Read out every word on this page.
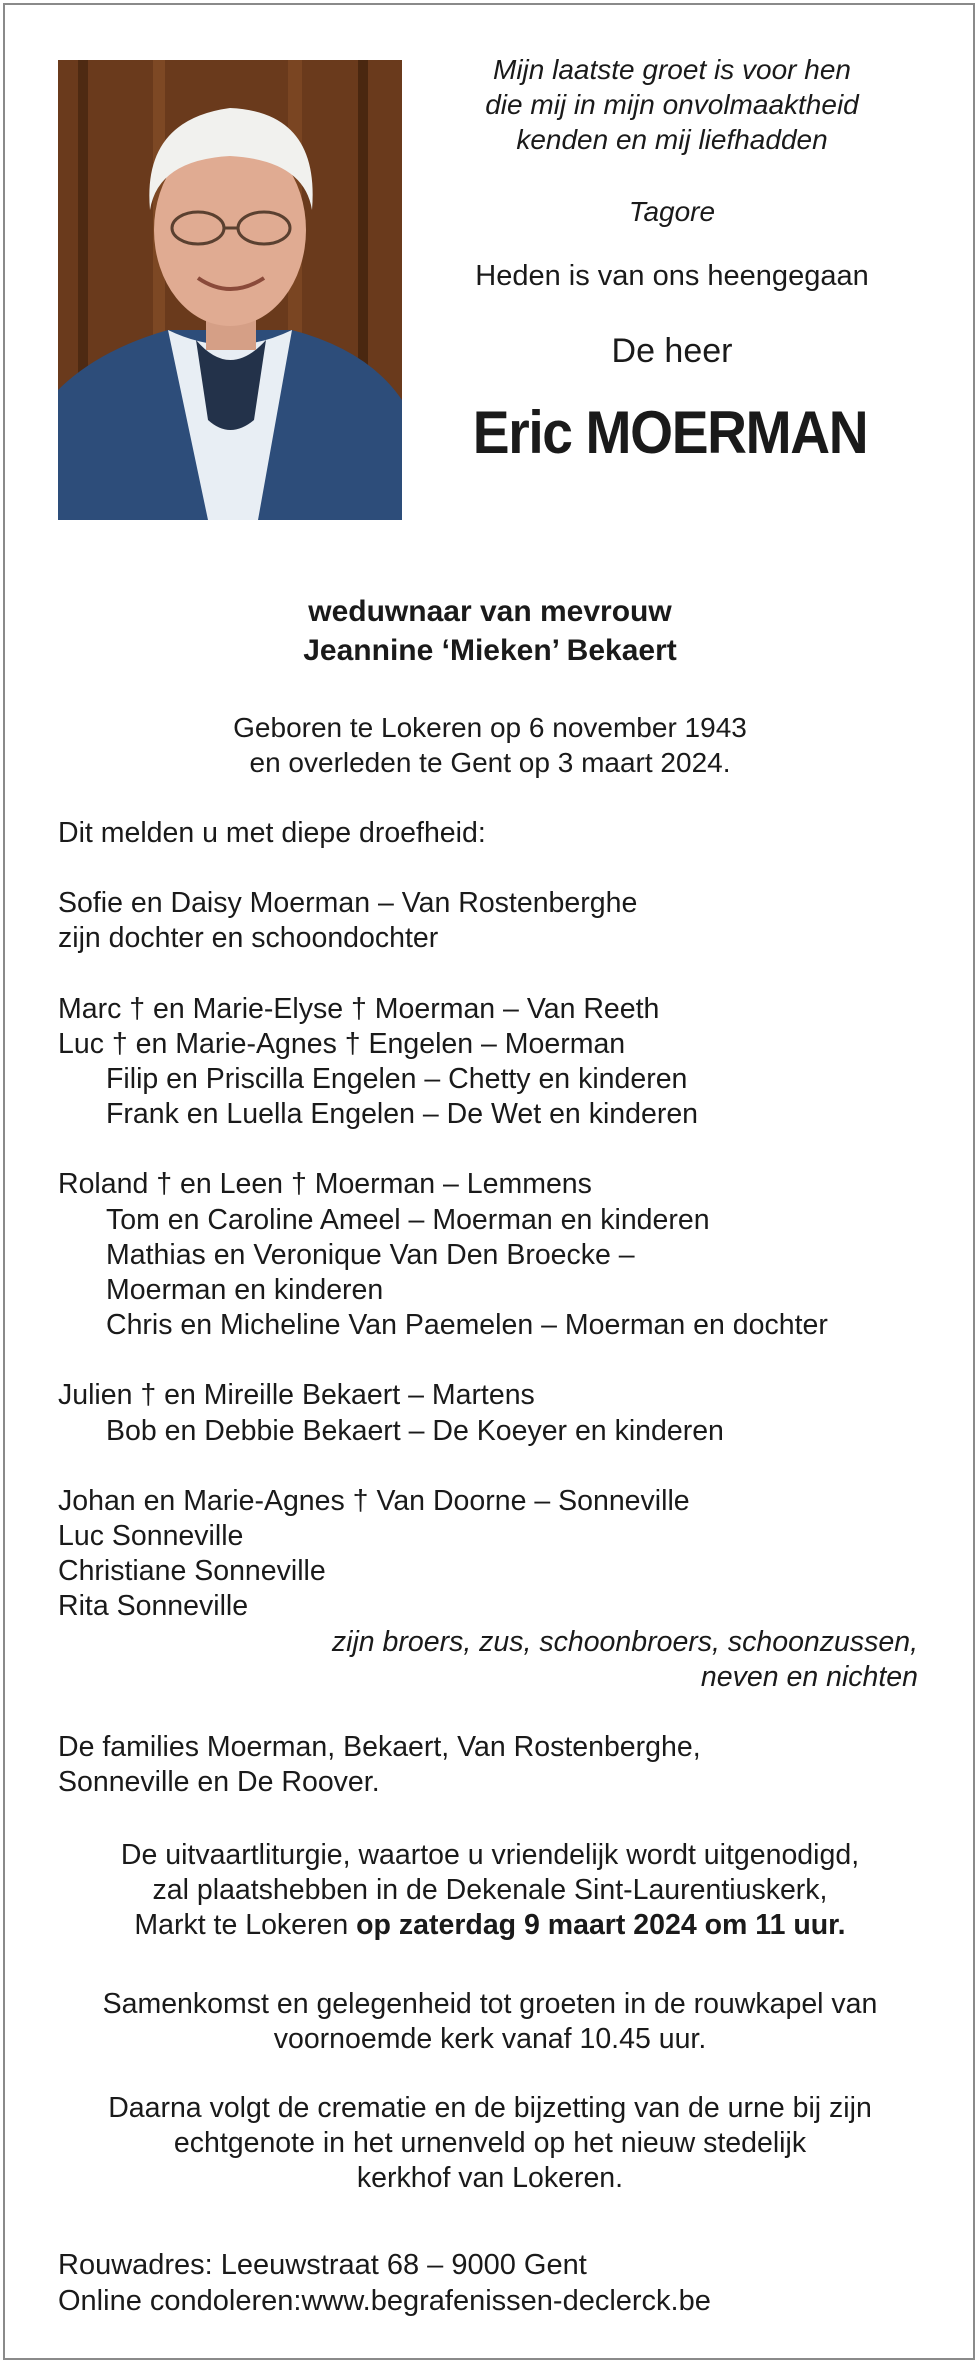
Mijn laatste groet is voor hen
die mij in mijn onvolmaaktheid
kenden en mij liefhadden
Tagore
Heden is van ons heengegaan
De heer
Eric MOERMAN
weduwnaar van mevrouw
Jeannine ‘Mieken’ Bekaert
Geboren te Lokeren op 6 november 1943
en overleden te Gent op 3 maart 2024.

Dit melden u met diepe droefheid:

Sofie en Daisy Moerman – Van Rostenberghe

zijn dochter en schoondochter

Marc † en Marie-Elyse † Moerman – Van Reeth

Luc † en Marie-Agnes † Engelen – Moerman

Filip en Priscilla Engelen – Chetty en kinderen

Frank en Luella Engelen – De Wet en kinderen

Roland † en Leen † Moerman – Lemmens

Tom en Caroline Ameel – Moerman en kinderen

Mathias en Veronique Van Den Broecke –

Moerman en kinderen

Chris en Micheline Van Paemelen – Moerman en dochter

Julien † en Mireille Bekaert – Martens

Bob en Debbie Bekaert – De Koeyer en kinderen

Johan en Marie-Agnes † Van Doorne – Sonneville

Luc Sonneville

Christiane Sonneville

Rita Sonneville

zijn broers, zus, schoonbroers, schoonzussen,

neven en nichten

De families Moerman, Bekaert, Van Rostenberghe,

Sonneville en De Roover.

De uitvaartliturgie, waartoe u vriendelijk wordt uitgenodigd,

zal plaatshebben in de Dekenale Sint-Laurentiuskerk,

Markt te Lokeren op zaterdag 9 maart 2024 om 11 uur.

Samenkomst en gelegenheid tot groeten in de rouwkapel van

voornoemde kerk vanaf 10.45 uur.

Daarna volgt de crematie en de bijzetting van de urne bij zijn

echtgenote in het urnenveld op het nieuw stedelijk

kerkhof van Lokeren.

Rouwadres: Leeuwstraat 68 – 9000 Gent

Online condoleren:www.begrafenissen-declerck.be
